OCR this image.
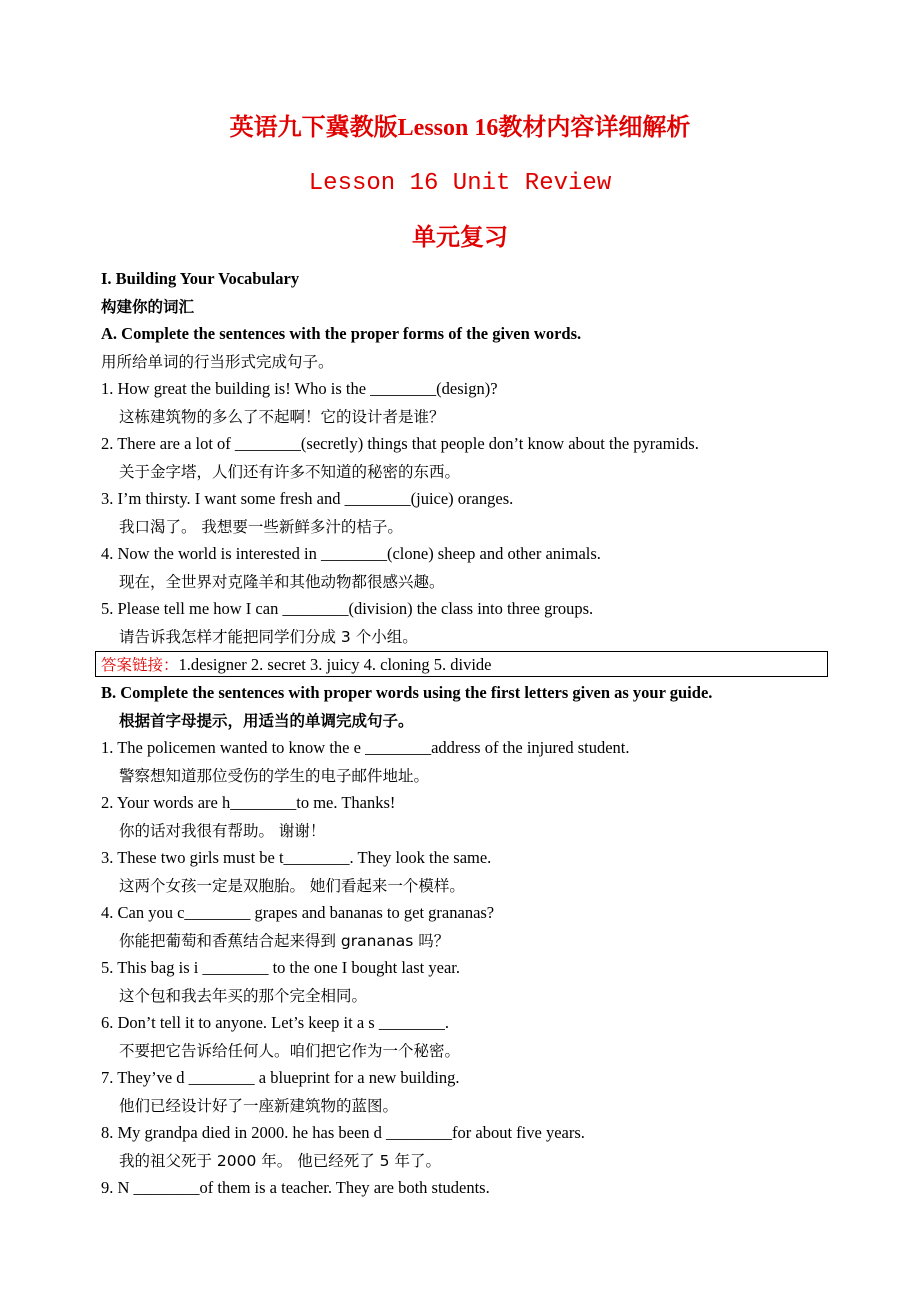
英语九下冀教版Lesson 16教材内容详细解析
Lesson 16 Unit Review
单元复习
I. Building Your Vocabulary
构建你的词汇
A. Complete the sentences with the proper forms of the given words.
用所给单词的行当形式完成句子。
1. How great the building is! Who is the ________(design)?
这栋建筑物的多么了不起啊！它的设计者是谁？
2. There are a lot of ________(secretly) things that people don’t know about the pyramids.
关于金字塔，人们还有许多不知道的秘密的东西。
3. I’m thirsty. I want some fresh and ________(juice) oranges.
我口渴了。 我想要一些新鲜多汁的桔子。
4. Now the world is interested in ________(clone) sheep and other animals.
现在，全世界对克隆羊和其他动物都很感兴趣。
5. Please tell me how I can ________(division) the class into three groups.
请告诉我怎样才能把同学们分成 3 个小组。
答案链接：1.designer 2. secret 3. juicy 4. cloning 5. divide
B. Complete the sentences with proper words using the first letters given as your guide.
根据首字母提示，用适当的单调完成句子。
1. The policemen wanted to know the e ________address of the injured student.
警察想知道那位受伤的学生的电子邮件地址。
2. Your words are h________to me. Thanks!
你的话对我很有帮助。 谢谢！
3. These two girls must be t________. They look the same.
这两个女孩一定是双胞胎。 她们看起来一个模样。
4. Can you c________ grapes and bananas to get grananas?
你能把葡萄和香蕉结合起来得到 grananas 吗？
5. This bag is i ________ to the one I bought last year.
这个包和我去年买的那个完全相同。
6. Don’t tell it to anyone. Let’s keep it a s ________.
不要把它告诉给任何人。咱们把它作为一个秘密。
7. They’ve d ________ a blueprint for a new building.
他们已经设计好了一座新建筑物的蓝图。
8. My grandpa died in 2000. he has been d ________for about five years.
我的祖父死于 2000 年。 他已经死了 5 年了。
9. N ________of them is a teacher. They are both students.
